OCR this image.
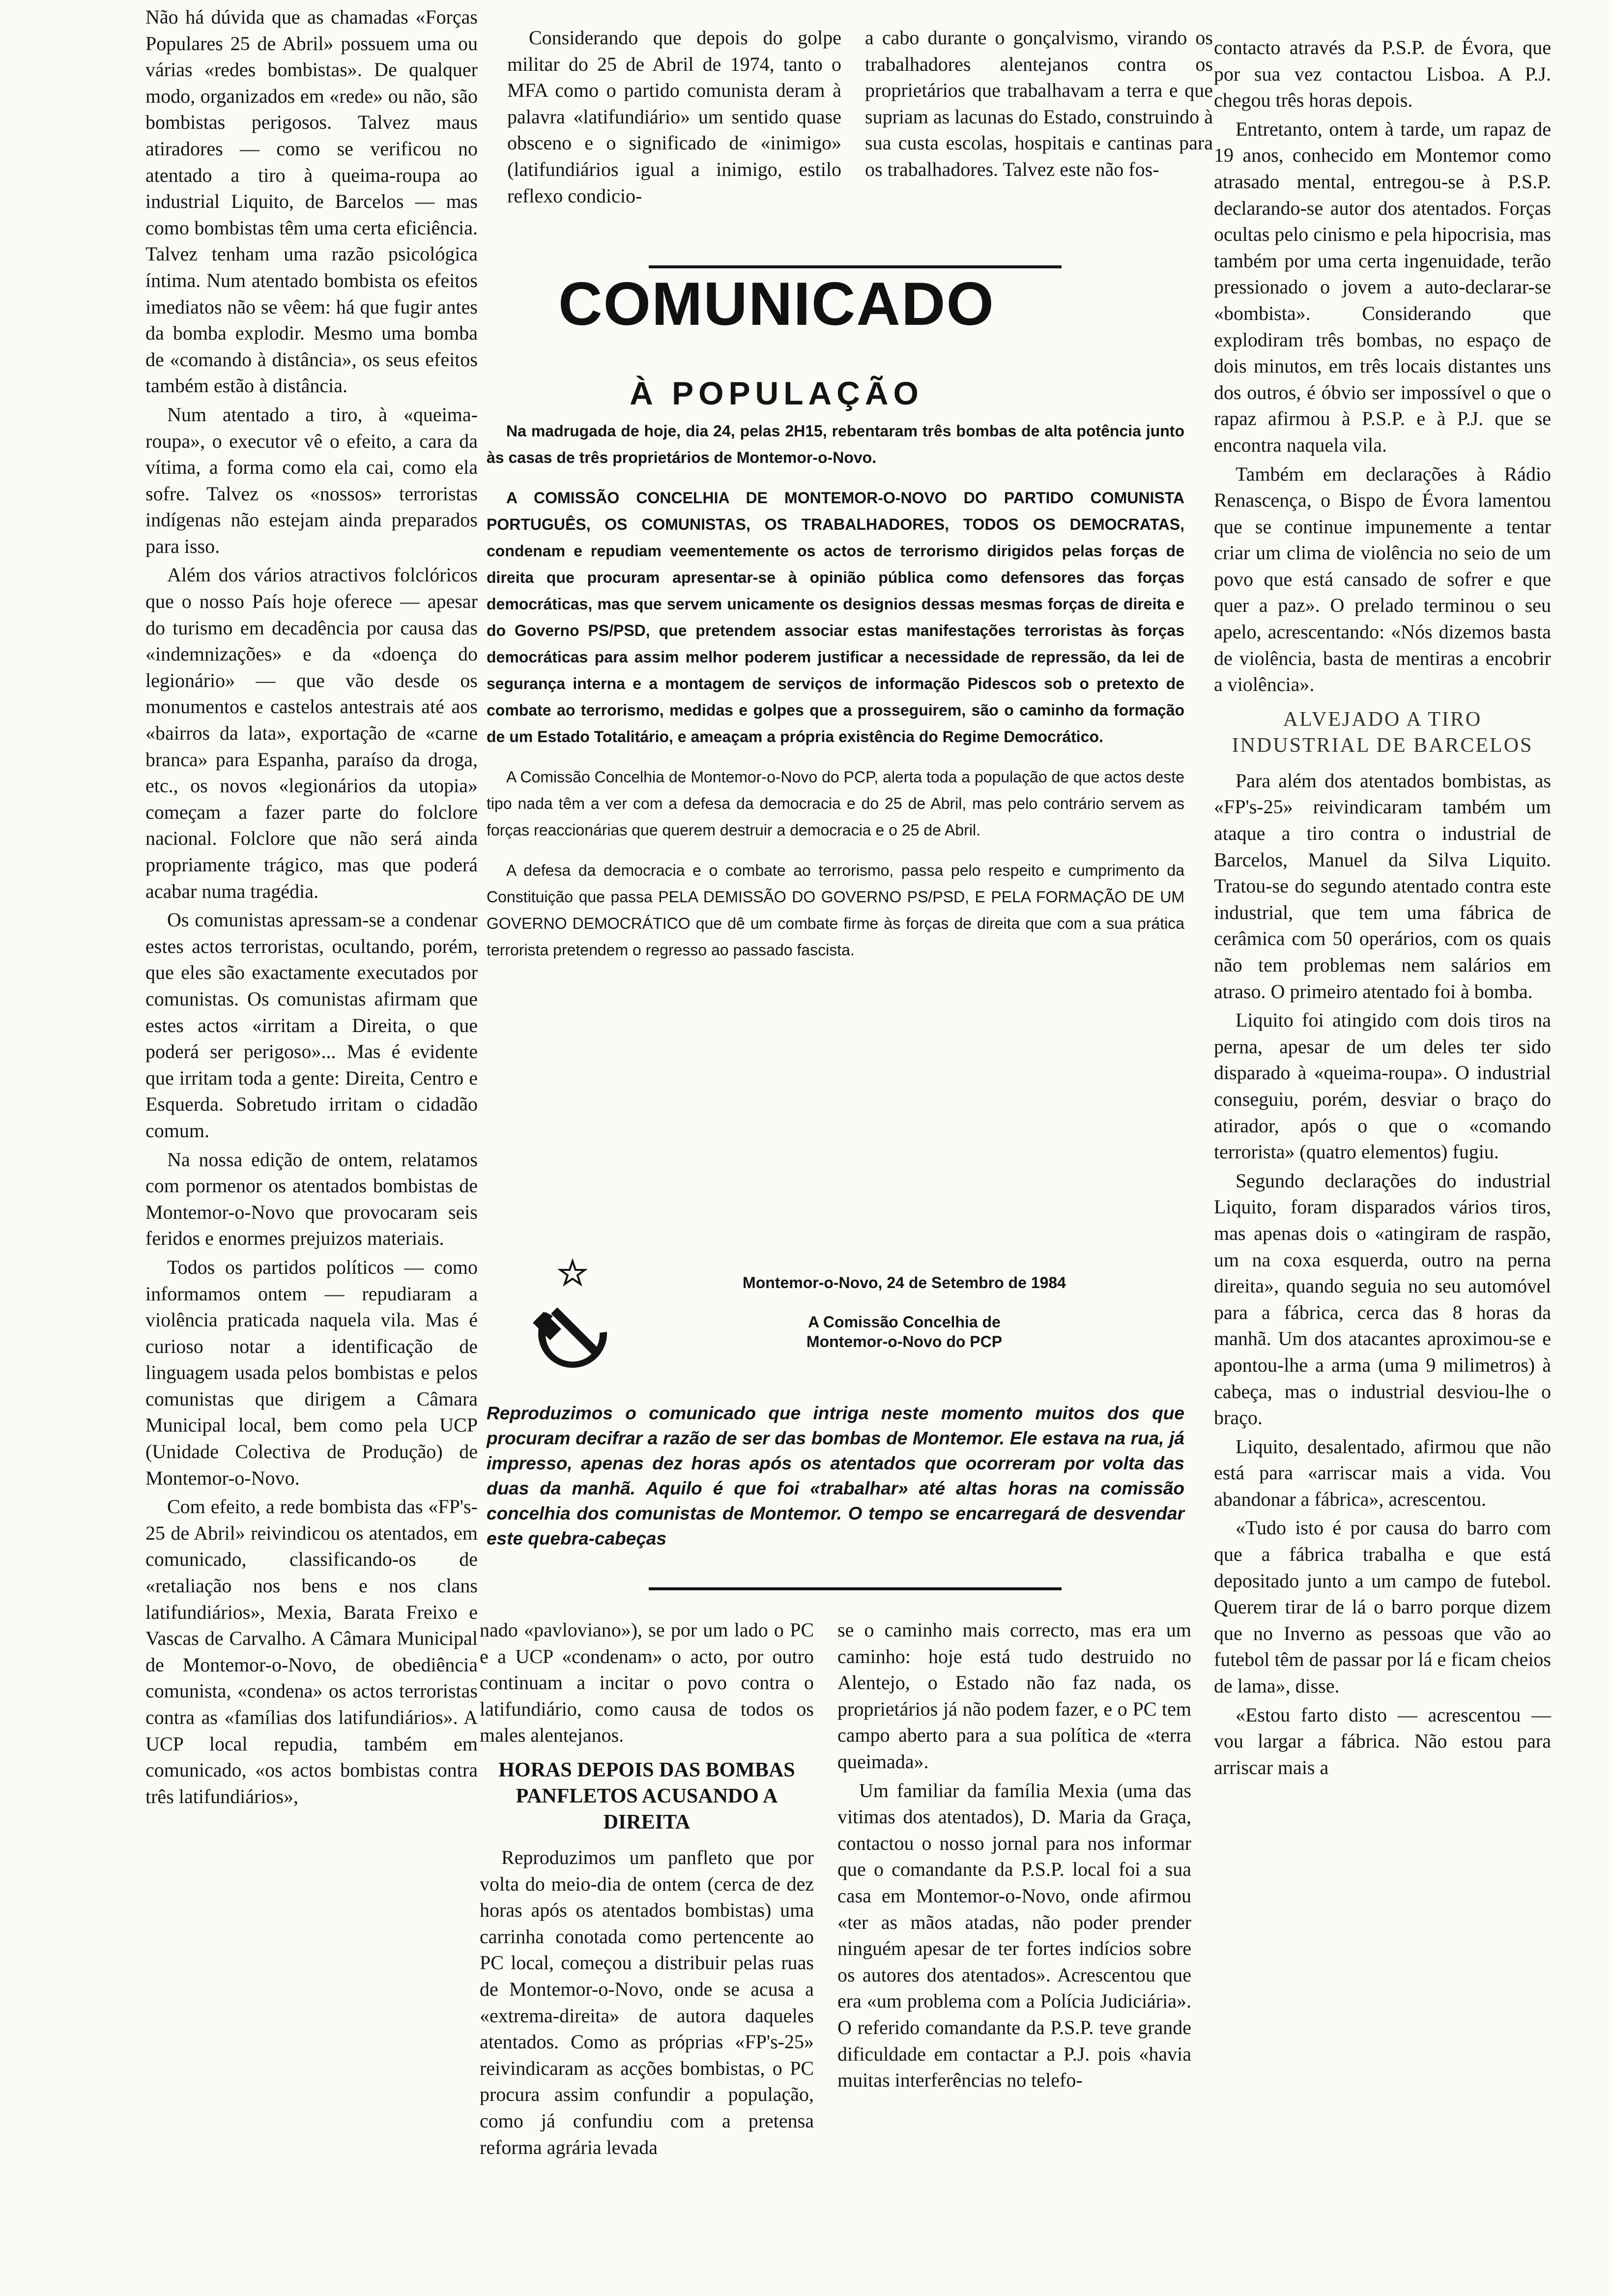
Não há dúvida que as chamadas «Forças Populares 25 de Abril» possuem uma ou várias «redes bombistas». De qualquer modo, organizados em «rede» ou não, são bombistas perigosos. Talvez maus atiradores — como se verificou no atentado a tiro à queima-roupa ao industrial Liquito, de Barcelos — mas como bombistas têm uma certa eficiência. Talvez tenham uma razão psicológica íntima. Num atentado bombista os efeitos imediatos não se vêem: há que fugir antes da bomba explodir. Mesmo uma bomba de «comando à distância», os seus efeitos também estão à distância.

Num atentado a tiro, à «queima-roupa», o executor vê o efeito, a cara da vítima, a forma como ela cai, como ela sofre. Talvez os «nossos» terroristas indígenas não estejam ainda preparados para isso.

Além dos vários atractivos folclóricos que o nosso País hoje oferece — apesar do turismo em decadência por causa das «indemnizações» e da «doença do legionário» — que vão desde os monumentos e castelos antestrais até aos «bairros da lata», exportação de «carne branca» para Espanha, paraíso da droga, etc., os novos «legionários da utopia» começam a fazer parte do folclore nacional. Folclore que não será ainda propriamente trágico, mas que poderá acabar numa tragédia.

Os comunistas apressam-se a condenar estes actos terroristas, ocultando, porém, que eles são exactamente executados por comunistas. Os comunistas afirmam que estes actos «irritam a Direita, o que poderá ser perigoso»... Mas é evidente que irritam toda a gente: Direita, Centro e Esquerda. Sobretudo irritam o cidadão comum.

Na nossa edição de ontem, relatamos com pormenor os atentados bombistas de Montemor-o-Novo que provocaram seis feridos e enormes prejuizos materiais.

Todos os partidos políticos — como informamos ontem — repudiaram a violência praticada naquela vila. Mas é curioso notar a identificação de linguagem usada pelos bombistas e pelos comunistas que dirigem a Câmara Municipal local, bem como pela UCP (Unidade Colectiva de Produção) de Montemor-o-Novo.

Com efeito, a rede bombista das «FP's-25 de Abril» reivindicou os atentados, em comunicado, classificando-os de «retaliação nos bens e nos clans latifundiários», Mexia, Barata Freixo e Vascas de Carvalho. A Câmara Municipal de Montemor-o-Novo, de obediência comunista, «condena» os actos terroristas contra as «famílias dos latifundiários». A UCP local repudia, também em comunicado, «os actos bombistas contra três latifundiários»,

Considerando que depois do golpe militar do 25 de Abril de 1974, tanto o MFA como o partido comunista deram à palavra «latifundiário» um sentido quase obsceno e o significado de «inimigo» (latifundiários igual a inimigo, estilo reflexo condicio-

a cabo durante o gonçalvismo, virando os trabalhadores alentejanos contra os proprietários que trabalhavam a terra e que supriam as lacunas do Estado, construindo à sua custa escolas, hospitais e cantinas para os trabalhadores. Talvez este não fos-

COMUNICADO
À POPULAÇÃO

Na madrugada de hoje, dia 24, pelas 2H15, rebentaram três bombas de alta potência junto às casas de três proprietários de Montemor-o-Novo.

A COMISSÃO CONCELHIA DE MONTEMOR-O-NOVO DO PARTIDO COMUNISTA PORTUGUÊS, OS COMUNISTAS, OS TRABALHADORES, TODOS OS DEMOCRATAS, condenam e repudiam veementemente os actos de terrorismo dirigidos pelas forças de direita que procuram apresentar-se à opinião pública como defensores das forças democráticas, mas que servem unicamente os designios dessas mesmas forças de direita e do Governo PS/PSD, que pretendem associar estas manifestações terroristas às forças democráticas para assim melhor poderem justificar a necessidade de repressão, da lei de segurança interna e a montagem de serviços de informação Pidescos sob o pretexto de combate ao terrorismo, medidas e golpes que a prosseguirem, são o caminho da formação de um Estado Totalitário, e ameaçam a própria existência do Regime Democrático.

A Comissão Concelhia de Montemor-o-Novo do PCP, alerta toda a população de que actos deste tipo nada têm a ver com a defesa da democracia e do 25 de Abril, mas pelo contrário servem as forças reaccionárias que querem destruir a democracia e o 25 de Abril.

A defesa da democracia e o combate ao terrorismo, passa pelo respeito e cumprimento da Constituição que passa PELA DEMISSÃO DO GOVERNO PS/PSD, E PELA FORMAÇÃO DE UM GOVERNO DEMOCRÁTICO que dê um combate firme às forças de direita que com a sua prática terrorista pretendem o regresso ao passado fascista.

Montemor-o-Novo, 24 de Setembro de 1984
A Comissão Concelhia de Montemor-o-Novo do PCP
Reproduzimos o comunicado que intriga neste momento muitos dos que procuram decifrar a razão de ser das bombas de Montemor. Ele estava na rua, já impresso, apenas dez horas após os atentados que ocorreram por volta das duas da manhã. Aquilo é que foi «trabalhar» até altas horas na comissão concelhia dos comunistas de Montemor. O tempo se encarregará de desvendar este quebra-cabeças

nado «pavloviano»), se por um lado o PC e a UCP «condenam» o acto, por outro continuam a incitar o povo contra o latifundiário, como causa de todos os males alentejanos.

HORAS DEPOIS DAS BOMBAS PANFLETOS ACUSANDO A DIREITA

Reproduzimos um panfleto que por volta do meio-dia de ontem (cerca de dez horas após os atentados bombistas) uma carrinha conotada como pertencente ao PC local, começou a distribuir pelas ruas de Montemor-o-Novo, onde se acusa a «extrema-direita» de autora daqueles atentados. Como as próprias «FP's-25» reivindicaram as acções bombistas, o PC procura assim confundir a população, como já confundiu com a pretensa reforma agrária levada

se o caminho mais correcto, mas era um caminho: hoje está tudo destruido no Alentejo, o Estado não faz nada, os proprietários já não podem fazer, e o PC tem campo aberto para a sua política de «terra queimada».

Um familiar da família Mexia (uma das vitimas dos atentados), D. Maria da Graça, contactou o nosso jornal para nos informar que o comandante da P.S.P. local foi a sua casa em Montemor-o-Novo, onde afirmou «ter as mãos atadas, não poder prender ninguém apesar de ter fortes indícios sobre os autores dos atentados». Acrescentou que era «um problema com a Polícia Judiciária». O referido comandante da P.S.P. teve grande dificuldade em contactar a P.J. pois «havia muitas interferências no telefo-

contacto através da P.S.P. de Évora, que por sua vez contactou Lisboa. A P.J. chegou três horas depois.

Entretanto, ontem à tarde, um rapaz de 19 anos, conhecido em Montemor como atrasado mental, entregou-se à P.S.P. declarando-se autor dos atentados. Forças ocultas pelo cinismo e pela hipocrisia, mas também por uma certa ingenuidade, terão pressionado o jovem a auto-declarar-se «bombista». Considerando que explodiram três bombas, no espaço de dois minutos, em três locais distantes uns dos outros, é óbvio ser impossível o que o rapaz afirmou à P.S.P. e à P.J. que se encontra naquela vila.

Também em declarações à Rádio Renascença, o Bispo de Évora lamentou que se continue impunemente a tentar criar um clima de violência no seio de um povo que está cansado de sofrer e que quer a paz». O prelado terminou o seu apelo, acrescentando: «Nós dizemos basta de violência, basta de mentiras a encobrir a violência».

ALVEJADO A TIRO INDUSTRIAL DE BARCELOS

Para além dos atentados bombistas, as «FP's-25» reivindicaram também um ataque a tiro contra o industrial de Barcelos, Manuel da Silva Liquito. Tratou-se do segundo atentado contra este industrial, que tem uma fábrica de cerâmica com 50 operários, com os quais não tem problemas nem salários em atraso. O primeiro atentado foi à bomba.

Liquito foi atingido com dois tiros na perna, apesar de um deles ter sido disparado à «queima-roupa». O industrial conseguiu, porém, desviar o braço do atirador, após o que o «comando terrorista» (quatro elementos) fugiu.

Segundo declarações do industrial Liquito, foram disparados vários tiros, mas apenas dois o «atingiram de raspão, um na coxa esquerda, outro na perna direita», quando seguia no seu automóvel para a fábrica, cerca das 8 horas da manhã. Um dos atacantes aproximou-se e apontou-lhe a arma (uma 9 milimetros) à cabeça, mas o industrial desviou-lhe o braço.

Liquito, desalentado, afirmou que não está para «arriscar mais a vida. Vou abandonar a fábrica», acrescentou.

«Tudo isto é por causa do barro com que a fábrica trabalha e que está depositado junto a um campo de futebol. Querem tirar de lá o barro porque dizem que no Inverno as pessoas que vão ao futebol têm de passar por lá e ficam cheios de lama», disse.

«Estou farto disto — acrescentou — vou largar a fábrica. Não estou para arriscar mais a
